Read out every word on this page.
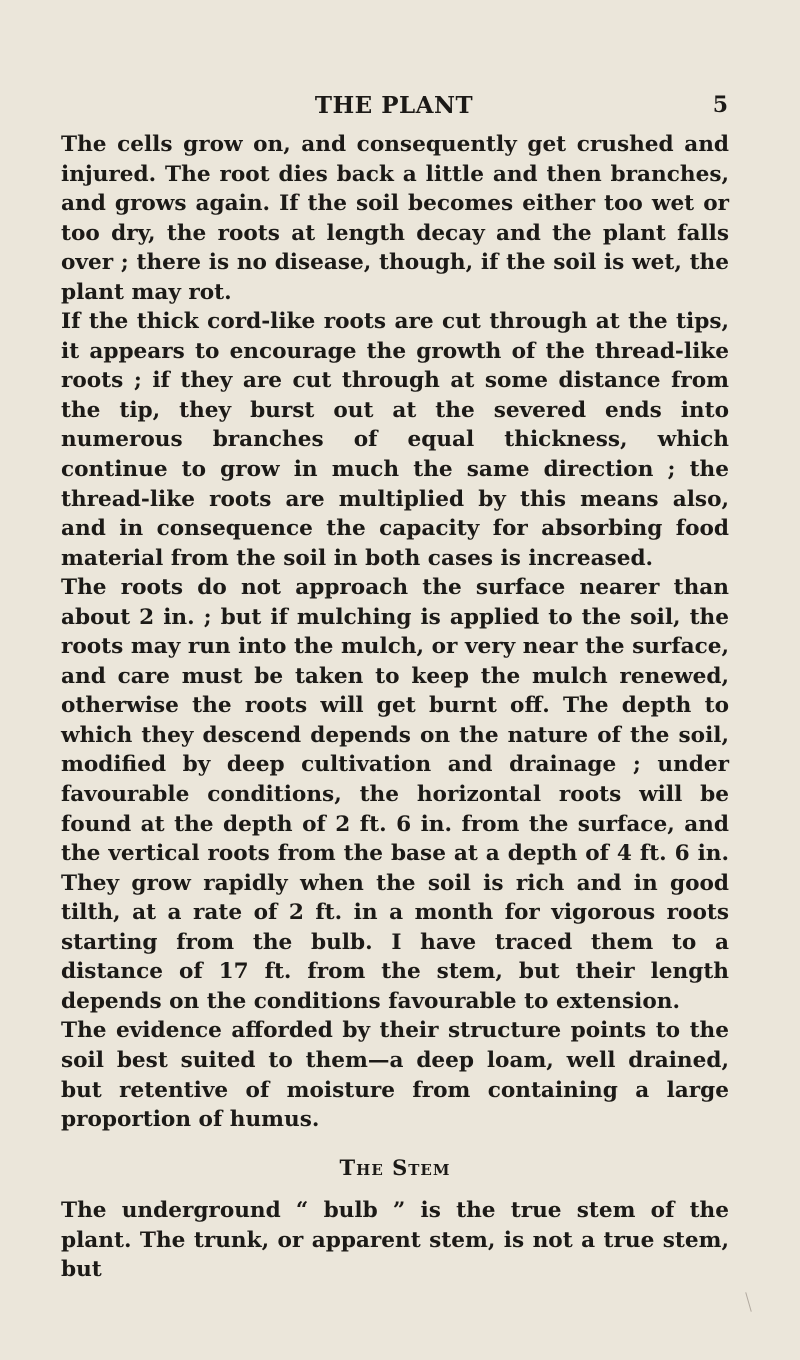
THE PLANT	5

The cells grow on, and consequently get crushed and injured. The root dies back a little and then branches, and grows again. If the soil becomes either too wet or too dry, the roots at length decay and the plant falls over ; there is no disease, though, if the soil is wet, the plant may rot.

If the thick cord-like roots are cut through at the tips, it appears to encourage the growth of the thread-like roots ; if they are cut through at some distance from the tip, they burst out at the severed ends into numerous branches of equal thickness, which continue to grow in much the same direction ; the thread-like roots are multiplied by this means also, and in consequence the capacity for absorbing food material from the soil in both cases is increased.

The roots do not approach the surface nearer than about 2 in. ; but if mulching is applied to the soil, the roots may run into the mulch, or very near the surface, and care must be taken to keep the mulch renewed, otherwise the roots will get burnt off. The depth to which they descend depends on the nature of the soil, modified by deep cultivation and drainage ; under favourable conditions, the horizontal roots will be found at the depth of 2 ft. 6 in. from the surface, and the vertical roots from the base at a depth of 4 ft. 6 in. They grow rapidly when the soil is rich and in good tilth, at a rate of 2 ft. in a month for vigorous roots starting from the bulb. I have traced them to a distance of 17 ft. from the stem, but their length depends on the conditions favourable to extension.

The evidence afforded by their structure points to the soil best suited to them—a deep loam, well drained, but retentive of moisture from containing a large proportion of humus.

The Stem

The underground “ bulb ” is the true stem of the plant. The trunk, or apparent stem, is not a true stem, but
